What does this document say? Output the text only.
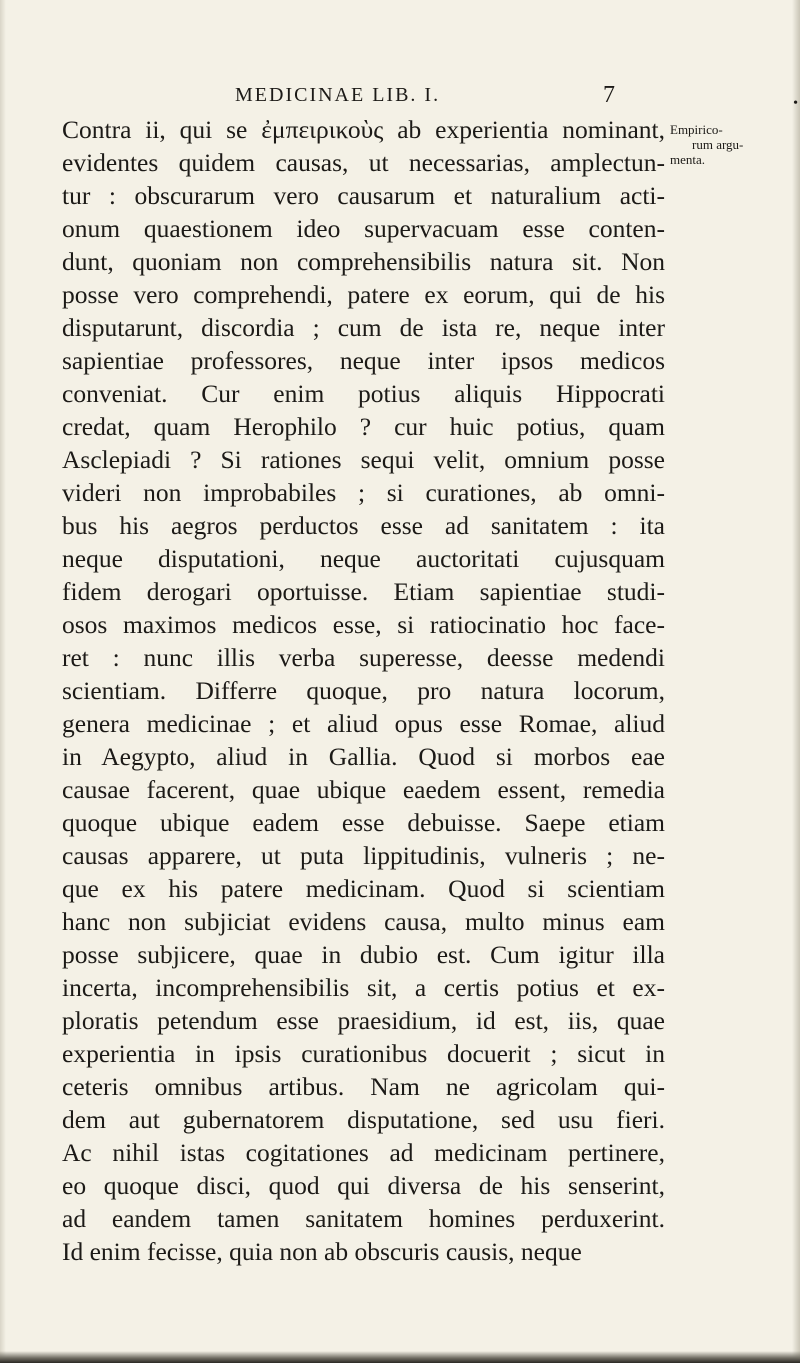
MEDICINAE LIB. I.	7	•
Empirico-
rum argu-
menta.
Contra ii, qui se ἐμπειρικοὺς ab experientia nominant,
evidentes quidem causas, ut necessarias, amplectun-
tur : obscurarum vero causarum et naturalium acti-
onum quaestionem ideo supervacuam esse conten-
dunt, quoniam non comprehensibilis natura sit. Non
posse vero comprehendi, patere ex eorum, qui de his
disputarunt, discordia ; cum de ista re, neque inter
sapientiae professores, neque inter ipsos medicos
conveniat. Cur enim potius aliquis Hippocrati
credat, quam Herophilo ? cur huic potius, quam
Asclepiadi ? Si rationes sequi velit, omnium posse
videri non improbabiles ; si curationes, ab omni-
bus his aegros perductos esse ad sanitatem : ita
neque disputationi, neque auctoritati cujusquam
fidem derogari oportuisse. Etiam sapientiae studi-
osos maximos medicos esse, si ratiocinatio hoc face-
ret : nunc illis verba superesse, deesse medendi
scientiam. Differre quoque, pro natura locorum,
genera medicinae ; et aliud opus esse Romae, aliud
in Aegypto, aliud in Gallia. Quod si morbos eae
causae facerent, quae ubique eaedem essent, remedia
quoque ubique eadem esse debuisse. Saepe etiam
causas apparere, ut puta lippitudinis, vulneris ; ne-
que ex his patere medicinam. Quod si scientiam
hanc non subjiciat evidens causa, multo minus eam
posse subjicere, quae in dubio est. Cum igitur illa
incerta, incomprehensibilis sit, a certis potius et ex-
ploratis petendum esse praesidium, id est, iis, quae
experientia in ipsis curationibus docuerit ; sicut in
ceteris omnibus artibus. Nam ne agricolam qui-
dem aut gubernatorem disputatione, sed usu fieri.
Ac nihil istas cogitationes ad medicinam pertinere,
eo quoque disci, quod qui diversa de his senserint,
ad eandem tamen sanitatem homines perduxerint.
Id enim fecisse, quia non ab obscuris causis, neque
